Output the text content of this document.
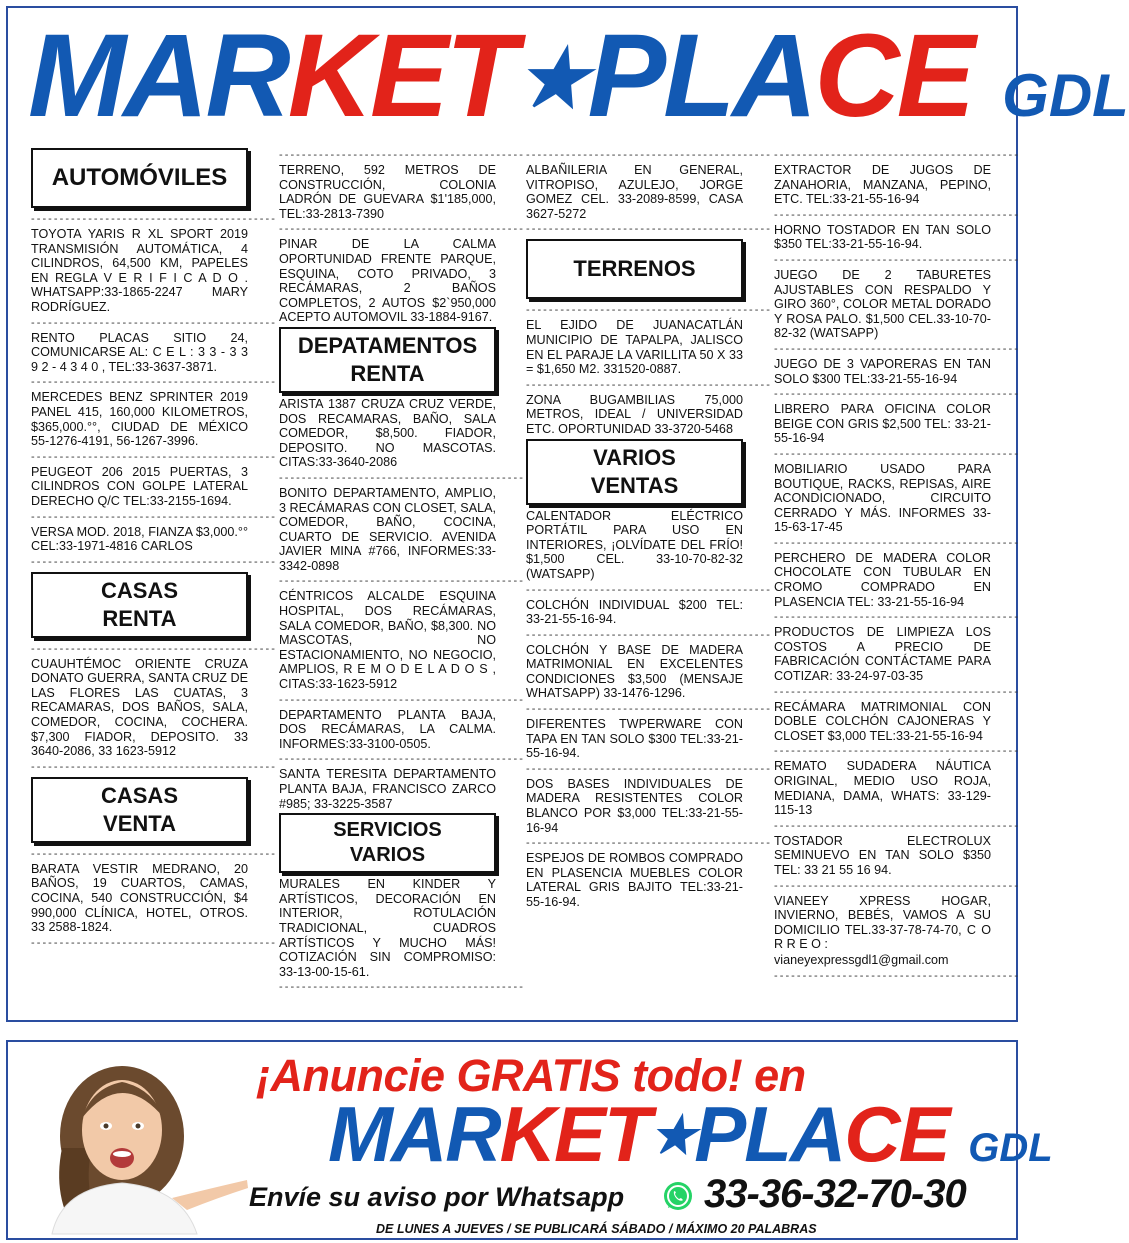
MARKET★PLACE GDL
AUTOMÓVILES
- - -
TOYOTA YARIS R XL SPORT 2019 TRANSMISIÓN AUTOMÁTICA, 4 CILINDROS, 64,500 KM, PAPELES EN REGLA V E R I F I C A D O . WHATSAPP:33-1865-2247 MARY RODRÍGUEZ.
- - -
RENTO PLACAS SITIO 24, COMUNICARSE AL: C E L : 3 3 - 3 3 9 2 - 4 3 4 0 , TEL:33-3637-3871.
- - -
MERCEDES BENZ SPRINTER 2019 PANEL 415, 160,000 KILOMETROS, $365,000.°°, CIUDAD DE MÉXICO 55-1276-4191, 56-1267-3996.
- - -
PEUGEOT 206 2015 PUERTAS, 3 CILINDROS CON GOLPE LATERAL DERECHO Q/C TEL:33-2155-1694.
- - -
VERSA MOD. 2018, FIANZA $3,000.°° CEL:33-1971-4816 CARLOS
- - -
CASAS
RENTA
- - -
CUAUHTÉMOC ORIENTE CRUZA DONATO GUERRA, SANTA CRUZ DE LAS FLORES LAS CUATAS, 3 RECAMARAS, DOS BAÑOS, SALA, COMEDOR, COCINA, COCHERA. $7,300 FIADOR, DEPOSITO. 33 3640-2086, 33 1623-5912
- - -
CASAS
VENTA
- - -
BARATA VESTIR MEDRANO, 20 BAÑOS, 19 CUARTOS, CAMAS, COCINA, 540 CONSTRUCCIÓN, $4 990,000 CLÍNICA, HOTEL, OTROS. 33 2588-1824.
- - -
- - -
TERRENO, 592 METROS DE CONSTRUCCIÓN, COLONIA LADRÓN DE GUEVARA $1'185,000, TEL:33-2813-7390
- - -
PINAR DE LA CALMA OPORTUNIDAD FRENTE PARQUE, ESQUINA, COTO PRIVADO, 3 RECÁMARAS, 2 BAÑOS COMPLETOS, 2 AUTOS $2`950,000 ACEPTO AUTOMOVIL 33-1884-9167.
DEPATAMENTOS
RENTA
ARISTA 1387 CRUZA CRUZ VERDE, DOS RECAMARAS, BAÑO, SALA COMEDOR, $8,500. FIADOR, DEPOSITO. NO MASCOTAS. CITAS:33-3640-2086
- - -
BONITO DEPARTAMENTO, AMPLIO, 3 RECÁMARAS CON CLOSET, SALA, COMEDOR, BAÑO, COCINA, CUARTO DE SERVICIO. AVENIDA JAVIER MINA #766, INFORMES:33-3342-0898
- - -
CÉNTRICOS ALCALDE ESQUINA HOSPITAL, DOS RECÁMARAS, SALA COMEDOR, BAÑO, $8,300. NO MASCOTAS, NO ESTACIONAMIENTO, NO NEGOCIO, AMPLIOS, R E M O D E L A D O S , CITAS:33-1623-5912
- - -
DEPARTAMENTO PLANTA BAJA, DOS RECÁMARAS, LA CALMA. INFORMES:33-3100-0505.
- - -
SANTA TERESITA DEPARTAMENTO PLANTA BAJA, FRANCISCO ZARCO #985; 33-3225-3587
SERVICIOS
VARIOS
MURALES EN KINDER Y ARTÍSTICOS, DECORACIÓN EN INTERIOR, ROTULACIÓN TRADICIONAL, CUADROS ARTÍSTICOS Y MUCHO MÁS! COTIZACIÓN SIN COMPROMISO: 33-13-00-15-61.
- - -
- - -
ALBAÑILERIA EN GENERAL, VITROPISO, AZULEJO, JORGE GOMEZ CEL. 33-2089-8599, CASA 3627-5272
- - -
TERRENOS
- - -
EL EJIDO DE JUANACATLÁN MUNICIPIO DE TAPALPA, JALISCO EN EL PARAJE LA VARILLITA 50 X 33 = $1,650 M2. 331520-0887.
- - -
ZONA BUGAMBILIAS 75,000 METROS, IDEAL / UNIVERSIDAD ETC. OPORTUNIDAD 33-3720-5468
VARIOS
VENTAS
CALENTADOR ELÉCTRICO PORTÁTIL PARA USO EN INTERIORES, ¡OLVÍDATE DEL FRÍO! $1,500 CEL. 33-10-70-82-32 (WATSAPP)
- - -
COLCHÓN INDIVIDUAL $200 TEL: 33-21-55-16-94.
- - -
COLCHÓN Y BASE DE MADERA MATRIMONIAL EN EXCELENTES CONDICIONES $3,500 (MENSAJE WHATSAPP) 33-1476-1296.
- - -
DIFERENTES TWPERWARE CON TAPA EN TAN SOLO $300 TEL:33-21-55-16-94.
- - -
DOS BASES INDIVIDUALES DE MADERA RESISTENTES COLOR BLANCO POR $3,000 TEL:33-21-55-16-94
- - -
ESPEJOS DE ROMBOS COMPRADO EN PLASENCIA MUEBLES COLOR LATERAL GRIS BAJITO TEL:33-21-55-16-94.
- - -
EXTRACTOR DE JUGOS DE ZANAHORIA, MANZANA, PEPINO, ETC. TEL:33-21-55-16-94
- - -
HORNO TOSTADOR EN TAN SOLO $350 TEL:33-21-55-16-94.
- - -
JUEGO DE 2 TABURETES AJUSTABLES CON RESPALDO Y GIRO 360°, COLOR METAL DORADO Y ROSA PALO. $1,500 CEL.33-10-70-82-32 (WATSAPP)
- - -
JUEGO DE 3 VAPORERAS EN TAN SOLO $300 TEL:33-21-55-16-94
- - -
LIBRERO PARA OFICINA COLOR BEIGE CON GRIS $2,500 TEL: 33-21-55-16-94
- - -
MOBILIARIO USADO PARA BOUTIQUE, RACKS, REPISAS, AIRE ACONDICIONADO, CIRCUITO CERRADO Y MÁS. INFORMES 33-15-63-17-45
- - -
PERCHERO DE MADERA COLOR CHOCOLATE CON TUBULAR EN CROMO COMPRADO EN PLASENCIA TEL: 33-21-55-16-94
- - -
PRODUCTOS DE LIMPIEZA LOS COSTOS A PRECIO DE FABRICACIÓN CONTÁCTAME PARA COTIZAR: 33-24-97-03-35
- - -
RECÁMARA MATRIMONIAL CON DOBLE COLCHÓN CAJONERAS Y CLOSET $3,000 TEL:33-21-55-16-94
- - -
REMATO SUDADERA NÁUTICA ORIGINAL, MEDIO USO ROJA, MEDIANA, DAMA, WHATS: 33-129-115-13
- - -
TOSTADOR ELECTROLUX SEMINUEVO EN TAN SOLO $350 TEL: 33 21 55 16 94.
- - -
VIANEEY XPRESS HOGAR, INVIERNO, BEBÉS, VAMOS A SU DOMICILIO TEL.33-37-78-74-70, C O R R E O :
vianeyexpressgdl1@gmail.com
- - -
¡Anuncie GRATIS todo! en
MARKET★PLACE GDL
Envíe su aviso por Whatsapp 33-36-32-70-30
DE LUNES A JUEVES / SE PUBLICARÁ SÁBADO / MÁXIMO 20 PALABRAS
